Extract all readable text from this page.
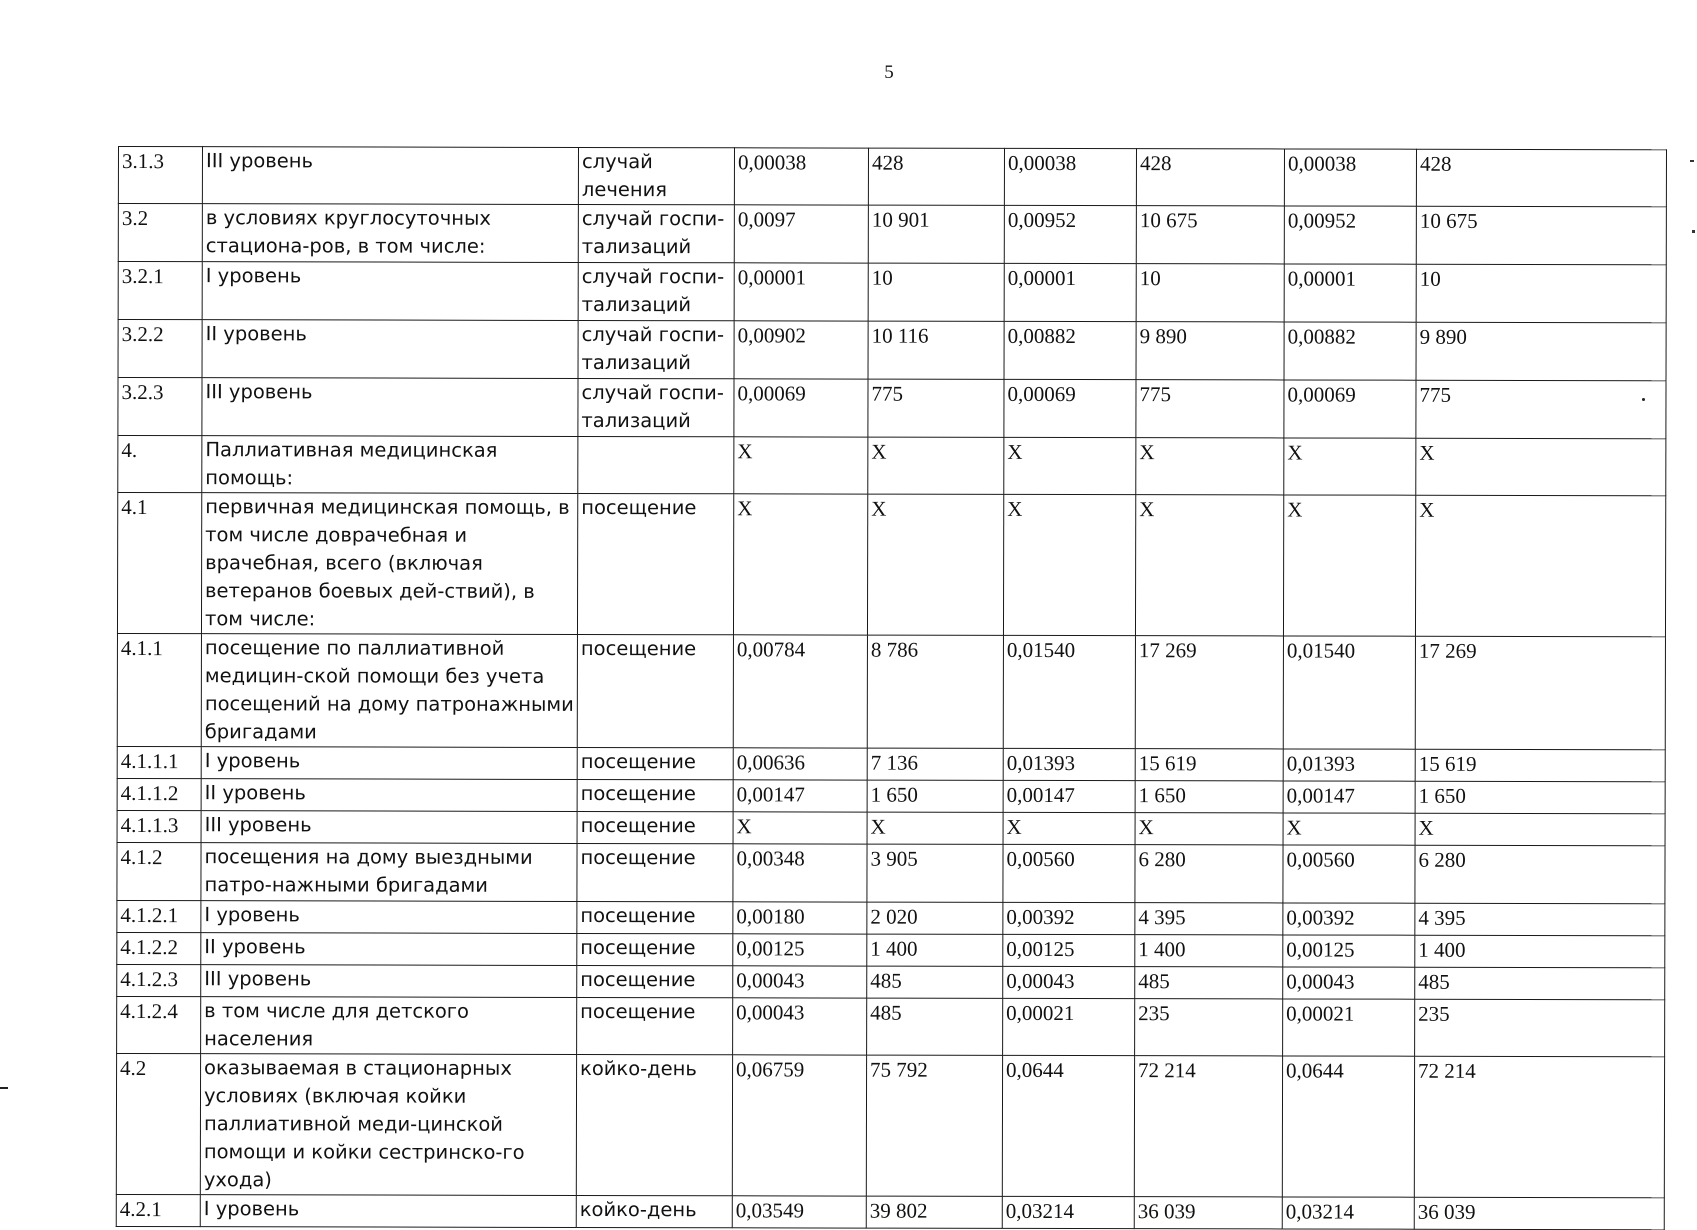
5
3.1.3	III уровень	случай лечения	0,00038	428	0,00038	428	0,00038	428
3.2	в условиях круглосуточных стациона-ров, в том числе:	случай госпи-тализаций	0,0097	10 901	0,00952	10 675	0,00952	10 675
3.2.1	I уровень	случай госпи-тализаций	0,00001	10	0,00001	10	0,00001	10
3.2.2	II уровень	случай госпи-тализаций	0,00902	10 116	0,00882	9 890	0,00882	9 890
3.2.3	III уровень	случай госпи-тализаций	0,00069	775	0,00069	775	0,00069	775
4.	Паллиативная медицинская помощь:		X	X	X	X	X	X
4.1	первичная медицинская помощь, в том числе доврачебная и врачебная, всего (включая ветеранов боевых дей-ствий), в том числе:	посещение	X	X	X	X	X	X
4.1.1	посещение по паллиативной медицин-ской помощи без учета посещений на дому патронажными бригадами	посещение	0,00784	8 786	0,01540	17 269	0,01540	17 269
4.1.1.1	I уровень	посещение	0,00636	7 136	0,01393	15 619	0,01393	15 619
4.1.1.2	II уровень	посещение	0,00147	1 650	0,00147	1 650	0,00147	1 650
4.1.1.3	III уровень	посещение	X	X	X	X	X	X
4.1.2	посещения на дому выездными патро-нажными бригадами	посещение	0,00348	3 905	0,00560	6 280	0,00560	6 280
4.1.2.1	I уровень	посещение	0,00180	2 020	0,00392	4 395	0,00392	4 395
4.1.2.2	II уровень	посещение	0,00125	1 400	0,00125	1 400	0,00125	1 400
4.1.2.3	III уровень	посещение	0,00043	485	0,00043	485	0,00043	485
4.1.2.4	в том числе для детского населения	посещение	0,00043	485	0,00021	235	0,00021	235
4.2	оказываемая в стационарных условиях (включая койки паллиативной меди-цинской помощи и койки сестринско-го ухода)	койко-день	0,06759	75 792	0,0644	72 214	0,0644	72 214
4.2.1	I уровень	койко-день	0,03549	39 802	0,03214	36 039	0,03214	36 039
